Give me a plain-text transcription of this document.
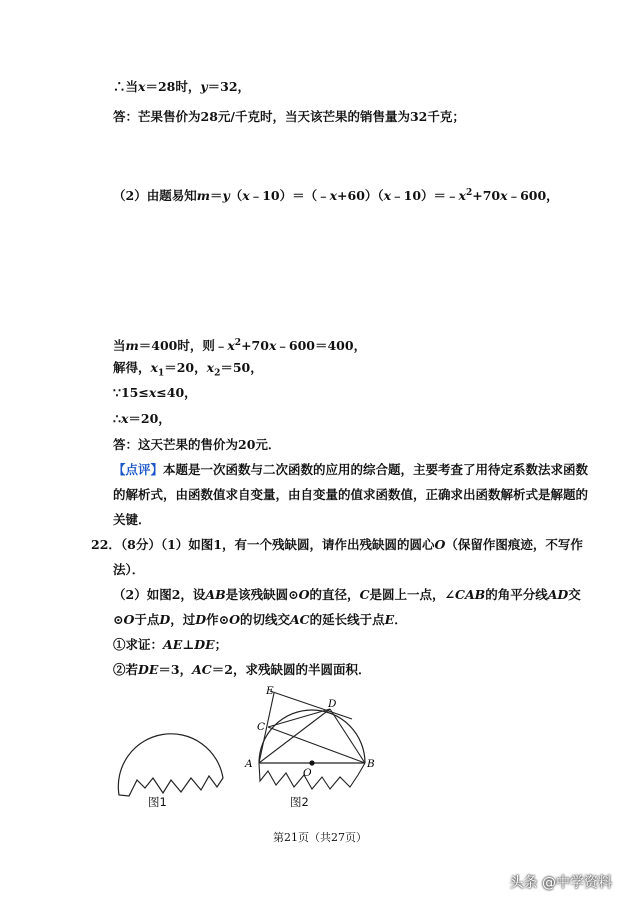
∴当x＝28时，y＝32，
答：芒果售价为28元/千克时，当天该芒果的销售量为32千克；
（2）由题易知$m=y(x﹣10)=(﹣x+60)(x﹣10)=﹣x^2+70x﹣600$，
当m＝400时，则$﹣x^2+70x﹣600=400$，
解得，$x_1=20$，$x_2=50$，
∵15≤x≤40，
∴x＝20，
答：这天芒果的售价为20元．
【点评】本题是一次函数与二次函数的应用的综合题，主要考查了用待定系数法求函数
的解析式，由函数值求自变量，由自变量的值求函数值，正确求出函数解析式是解题的
关键．
22．（8分）（1）如图1，有一个残缺圆，请作出残缺圆的圆心O（保留作图痕迹，不写作
法）．
（2）如图2，设AB是该残缺圆⊙O的直径，C是圆上一点，∠CAB的角平分线AD交
⊙O于点D，过D作⊙O的切线交AC的延长线于点E．
①求证：AE⊥DE；
②若DE＝3，AC＝2，求残缺圆的半圆面积．
图1
E
D
C
A
O
B
图2
第21页（共27页）
头条 @中学资料
